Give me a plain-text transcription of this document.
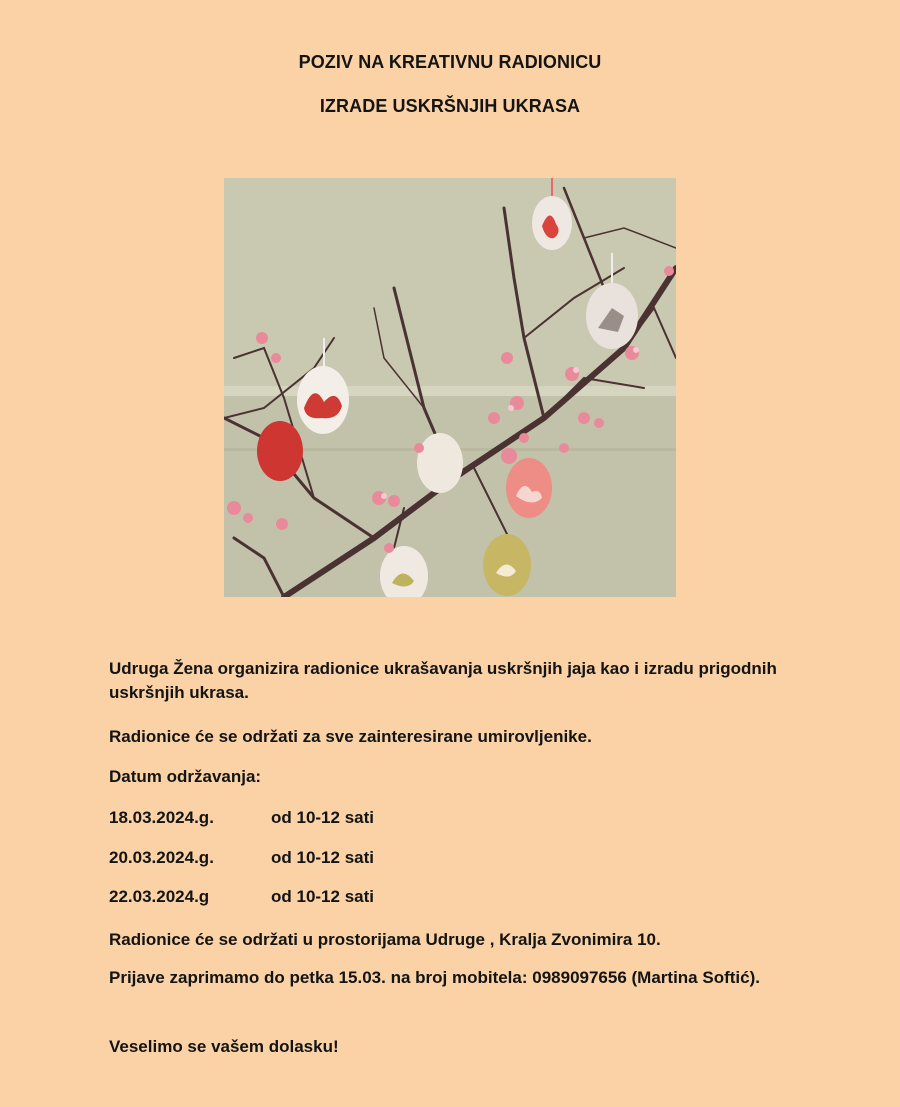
POZIV NA KREATIVNU RADIONICU
IZRADE USKRŠNJIH UKRASA
Udruga Žena organizira radionice ukrašavanja uskršnjih jaja kao i izradu prigodnih uskršnjih ukrasa.
Radionice će se održati za sve zainteresirane umirovljenike.
Datum održavanja:
18.03.2024.g.	od 10-12 sati
20.03.2024.g.	od 10-12 sati
22.03.2024.g	od 10-12 sati
Radionice će se održati u prostorijama Udruge , Kralja Zvonimira 10.
Prijave zaprimamo do petka 15.03. na broj mobitela: 0989097656 (Martina Softić).
Veselimo se vašem dolasku!
